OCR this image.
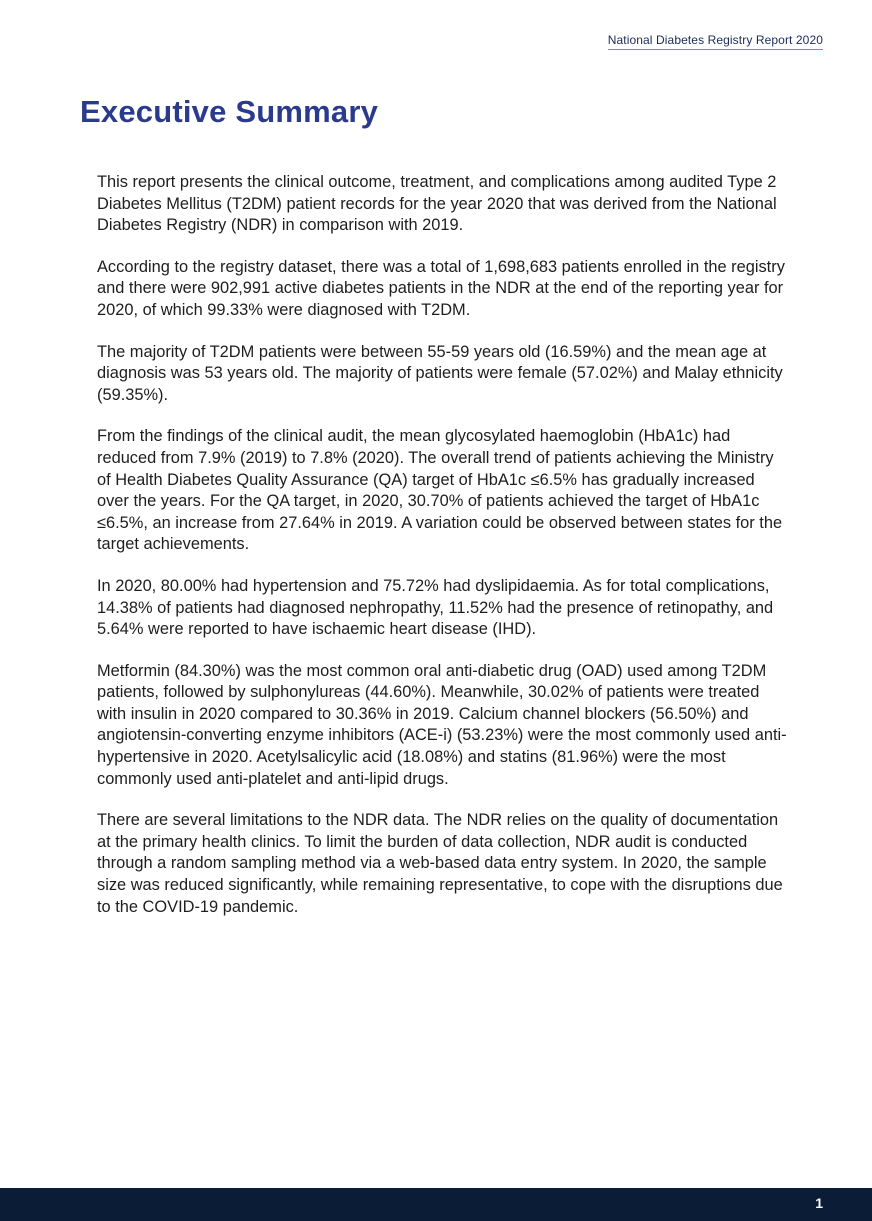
National Diabetes Registry Report 2020
Executive Summary

This report presents the clinical outcome, treatment, and complications among audited Type 2 Diabetes Mellitus (T2DM) patient records for the year 2020 that was derived from the National Diabetes Registry (NDR) in comparison with 2019.

According to the registry dataset, there was a total of 1,698,683 patients enrolled in the registry and there were 902,991 active diabetes patients in the NDR at the end of the reporting year for 2020, of which 99.33% were diagnosed with T2DM.

The majority of T2DM patients were between 55-59 years old (16.59%) and the mean age at diagnosis was 53 years old. The majority of patients were female (57.02%) and Malay ethnicity (59.35%).

From the findings of the clinical audit, the mean glycosylated haemoglobin (HbA1c) had reduced from 7.9% (2019) to 7.8% (2020). The overall trend of patients achieving the Ministry of Health Diabetes Quality Assurance (QA) target of HbA1c ≤6.5% has gradually increased over the years. For the QA target, in 2020, 30.70% of patients achieved the target of HbA1c ≤6.5%, an increase from 27.64% in 2019. A variation could be observed between states for the target achievements.

In 2020, 80.00% had hypertension and 75.72% had dyslipidaemia. As for total complications, 14.38% of patients had diagnosed nephropathy, 11.52% had the presence of retinopathy, and 5.64% were reported to have ischaemic heart disease (IHD).

Metformin (84.30%) was the most common oral anti-diabetic drug (OAD) used among T2DM patients, followed by sulphonylureas (44.60%). Meanwhile, 30.02% of patients were treated with insulin in 2020 compared to 30.36% in 2019. Calcium channel blockers (56.50%) and angiotensin-converting enzyme inhibitors (ACE-i) (53.23%) were the most commonly used anti-hypertensive in 2020. Acetylsalicylic acid (18.08%) and statins (81.96%) were the most commonly used anti-platelet and anti-lipid drugs.

There are several limitations to the NDR data. The NDR relies on the quality of documentation at the primary health clinics. To limit the burden of data collection, NDR audit is conducted through a random sampling method via a web-based data entry system. In 2020, the sample size was reduced significantly, while remaining representative, to cope with the disruptions due to the COVID-19 pandemic.

1
